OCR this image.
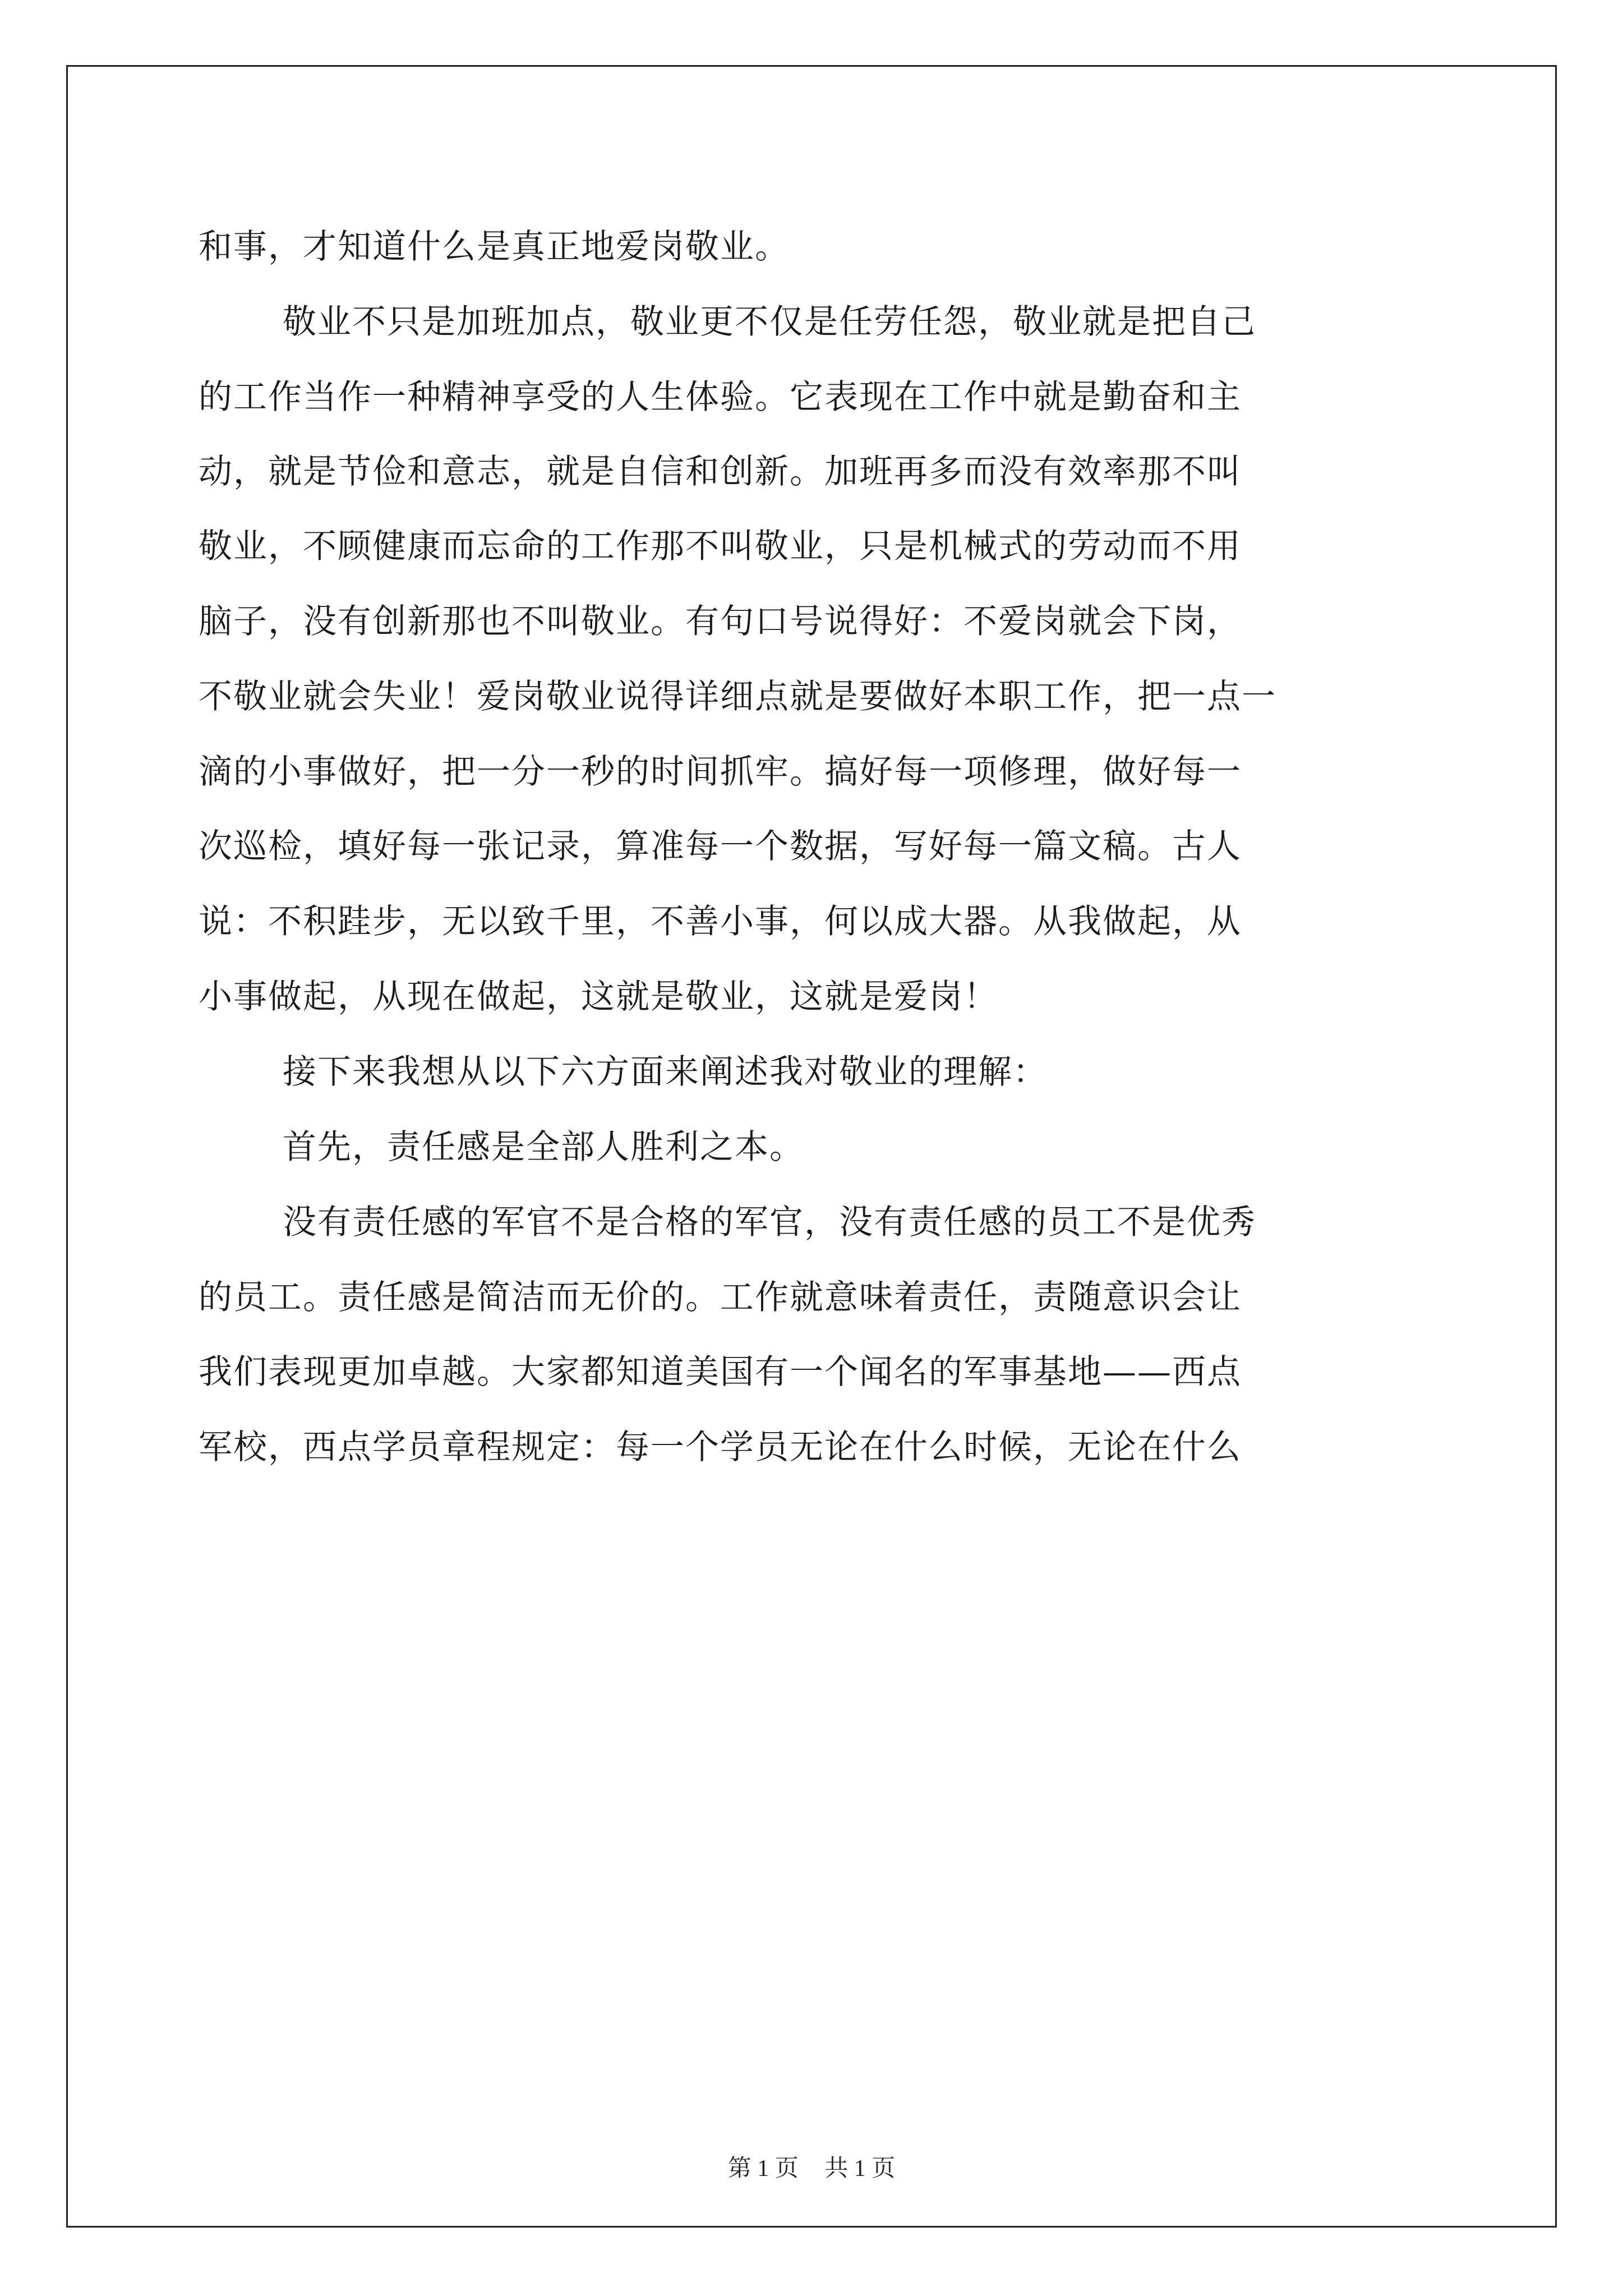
和事，才知道什么是真正地爱岗敬业。
敬业不只是加班加点，敬业更不仅是任劳任怨，敬业就是把自己
的工作当作一种精神享受的人生体验。它表现在工作中就是勤奋和主
动，就是节俭和意志，就是自信和创新。加班再多而没有效率那不叫
敬业，不顾健康而忘命的工作那不叫敬业，只是机械式的劳动而不用
脑子，没有创新那也不叫敬业。有句口号说得好：不爱岗就会下岗，
不敬业就会失业！爱岗敬业说得详细点就是要做好本职工作，把一点一
滴的小事做好，把一分一秒的时间抓牢。搞好每一项修理，做好每一
次巡检，填好每一张记录，算准每一个数据，写好每一篇文稿。古人
说：不积跬步，无以致千里，不善小事，何以成大器。从我做起，从
小事做起，从现在做起，这就是敬业，这就是爱岗！
接下来我想从以下六方面来阐述我对敬业的理解：
首先，责任感是全部人胜利之本。
没有责任感的军官不是合格的军官，没有责任感的员工不是优秀
的员工。责任感是简洁而无价的。工作就意味着责任，责随意识会让
我们表现更加卓越。大家都知道美国有一个闻名的军事基地——西点
军校，西点学员章程规定：每一个学员无论在什么时候，无论在什么
第 1 页 共 1 页
